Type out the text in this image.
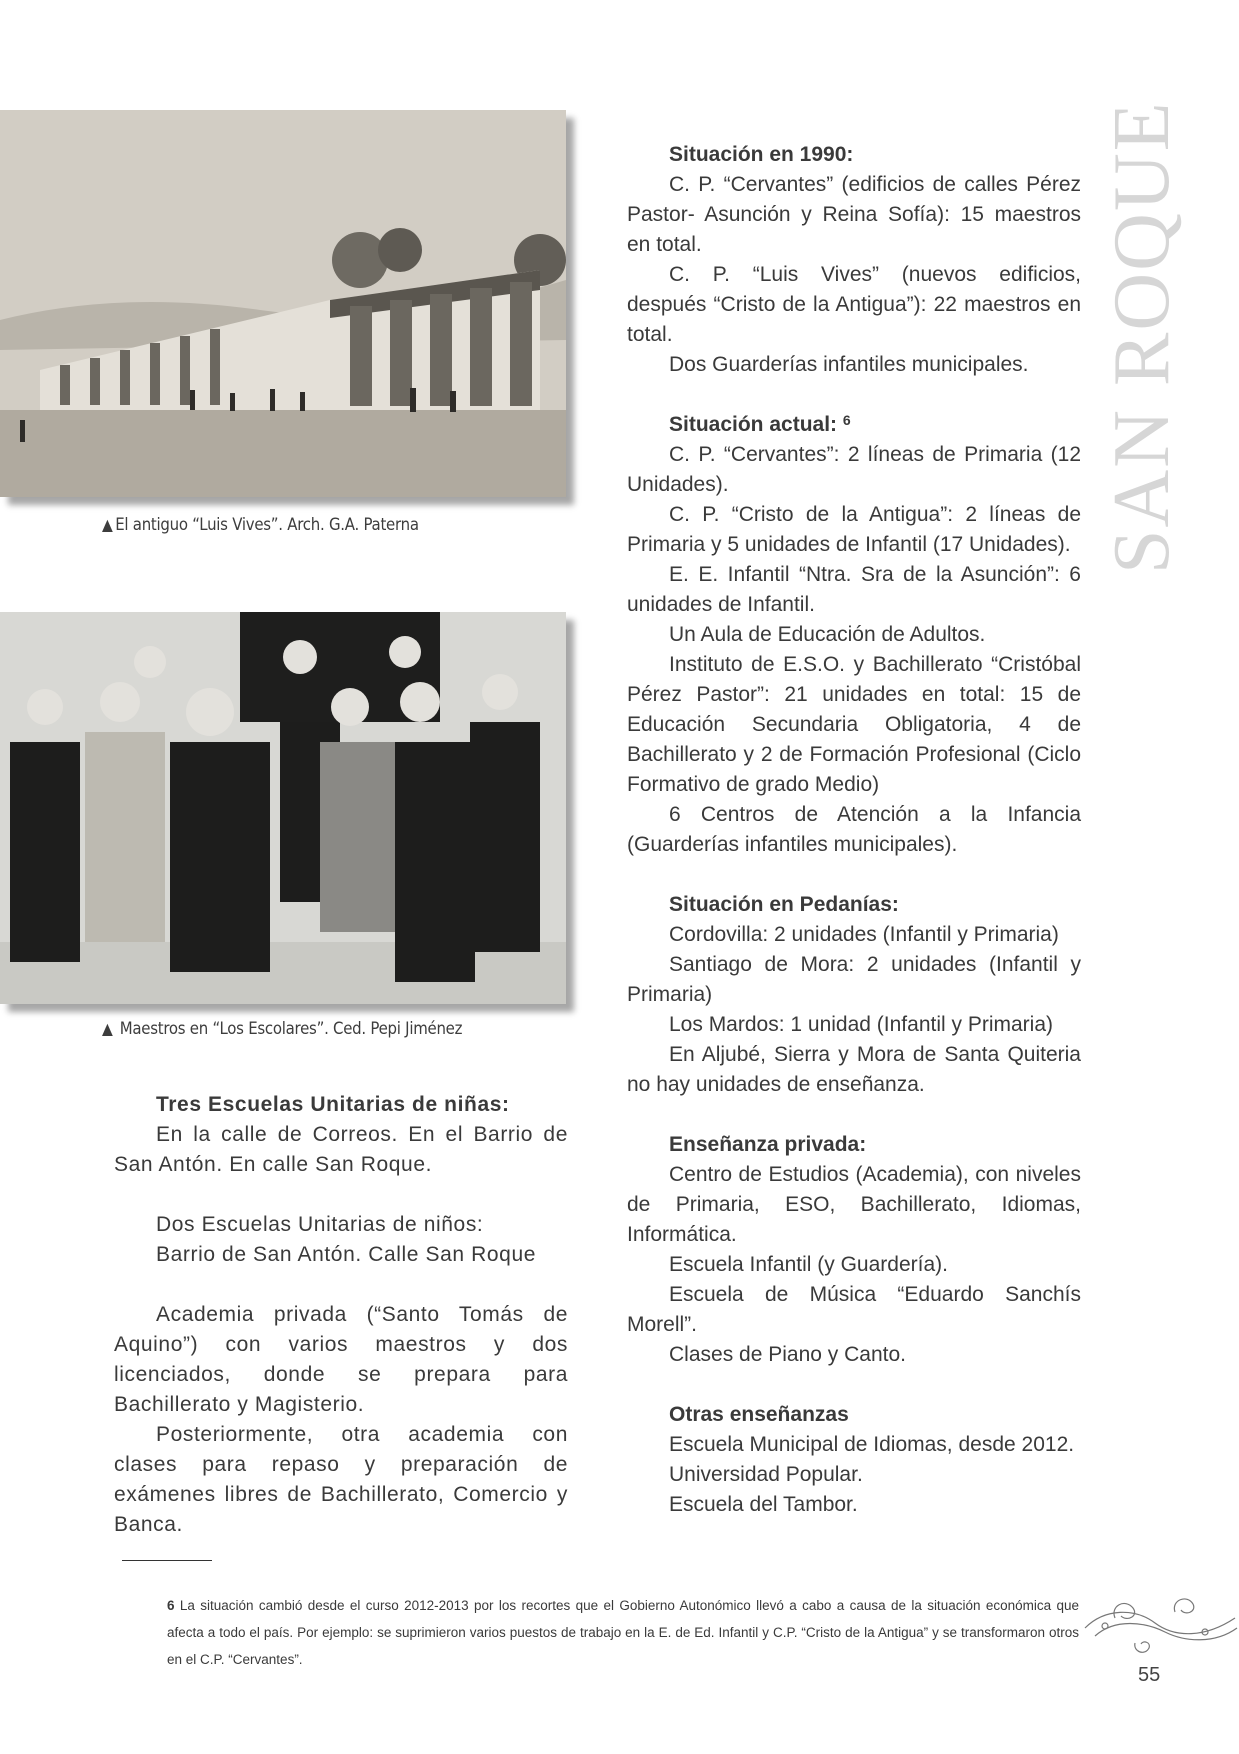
▲ El antiguo “Luis Vives”. Arch. G.A. Paterna
▲ Maestros en “Los Escolares”. Ced. Pepi Jiménez

Tres Escuelas Unitarias de niñas:

En la calle de Correos. En el Barrio de San Antón. En calle San Roque.

Dos Escuelas Unitarias de niños:

Barrio de San Antón. Calle San Roque

Academia privada (“Santo Tomás de Aquino”) con varios maestros y dos licenciados, donde se prepara para Bachillerato y Magisterio.

Posteriormente, otra academia con clases para repaso y preparación de exámenes libres de Bachillerato, Comercio y Banca.

Situación en 1990:

C. P. “Cervantes” (edificios de calles Pérez Pastor- Asunción y Reina Sofía): 15 maestros en total.

C. P. “Luis Vives” (nuevos edificios, después “Cristo de la Antigua”): 22 maestros en total.

Dos Guarderías infantiles municipales.

Situación actual: $^6$

C. P. “Cervantes”: 2 líneas de Primaria (12 Unidades).

C. P. “Cristo de la Antigua”: 2 líneas de Primaria y 5 unidades de Infantil (17 Unidades).

E. E. Infantil “Ntra. Sra de la Asunción”: 6 unidades de Infantil.

Un Aula de Educación de Adultos.

Instituto de E.S.O. y Bachillerato “Cristóbal Pérez Pastor”: 21 unidades en total: 15 de Educación Secundaria Obligatoria, 4 de Bachillerato y 2 de Formación Profesional (Ciclo Formativo de grado Medio)

6 Centros de Atención a la Infancia (Guarderías infantiles municipales).

Situación en Pedanías:

Cordovilla: 2 unidades (Infantil y Primaria)

Santiago de Mora: 2 unidades (Infantil y Primaria)

Los Mardos: 1 unidad (Infantil y Primaria)

En Aljubé, Sierra y Mora de Santa Quiteria no hay unidades de enseñanza.

Enseñanza privada:

Centro de Estudios (Academia), con niveles de Primaria, ESO, Bachillerato, Idiomas, Informática.

Escuela Infantil (y Guardería).

Escuela de Música “Eduardo Sanchís Morell”.

Clases de Piano y Canto.

Otras enseñanzas

Escuela Municipal de Idiomas, desde 2012.

Universidad Popular.

Escuela del Tambor.

SAN ROQUE
6 La situación cambió desde el curso 2012-2013 por los recortes que el Gobierno Autonómico llevó a cabo a causa de la situación económica que afecta a todo el país. Por ejemplo: se suprimieron varios puestos de trabajo en la E. de Ed. Infantil y C.P. “Cristo de la Antigua” y se transformaron otros en el C.P. “Cervantes”.
55
